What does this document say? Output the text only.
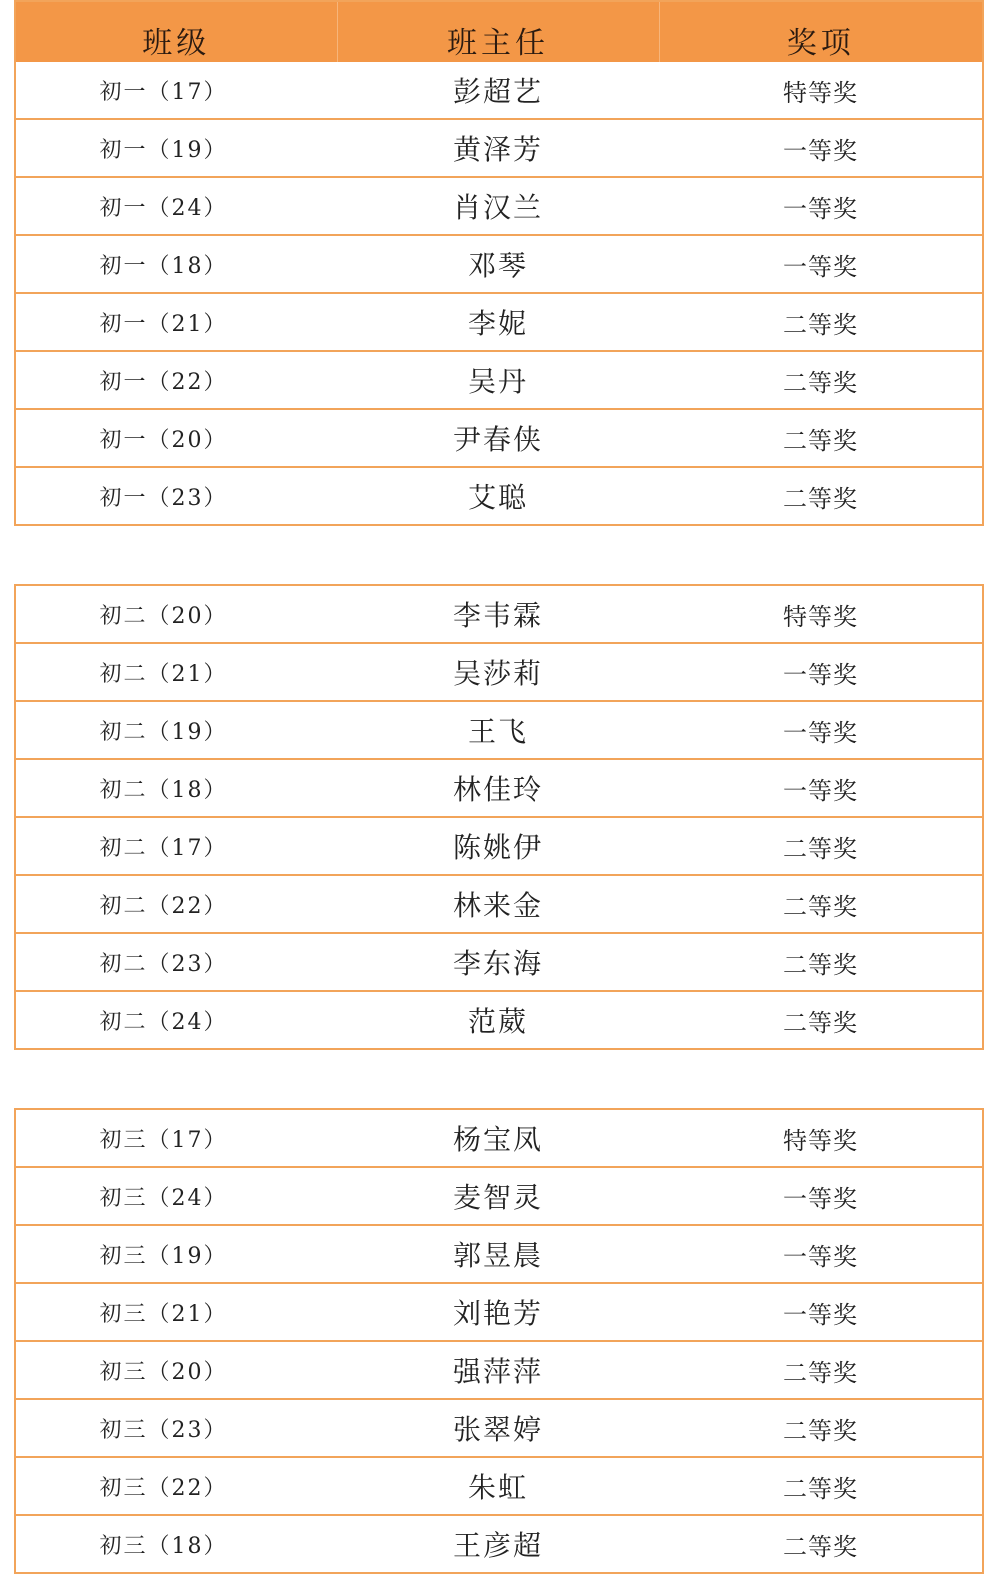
班级	班主任	奖项
初一（17）	彭超艺	特等奖
初一（19）	黄泽芳	一等奖
初一（24）	肖汉兰	一等奖
初一（18）	邓琴	一等奖
初一（21）	李妮	二等奖
初一（22）	吴丹	二等奖
初一（20）	尹春侠	二等奖
初一（23）	艾聪	二等奖
初二（20）	李韦霖	特等奖
初二（21）	吴莎莉	一等奖
初二（19）	王飞	一等奖
初二（18）	林佳玲	一等奖
初二（17）	陈姚伊	二等奖
初二（22）	林来金	二等奖
初二（23）	李东海	二等奖
初二（24）	范葳	二等奖
初三（17）	杨宝凤	特等奖
初三（24）	麦智灵	一等奖
初三（19）	郭昱晨	一等奖
初三（21）	刘艳芳	一等奖
初三（20）	强萍萍	二等奖
初三（23）	张翠婷	二等奖
初三（22）	朱虹	二等奖
初三（18）	王彦超	二等奖
